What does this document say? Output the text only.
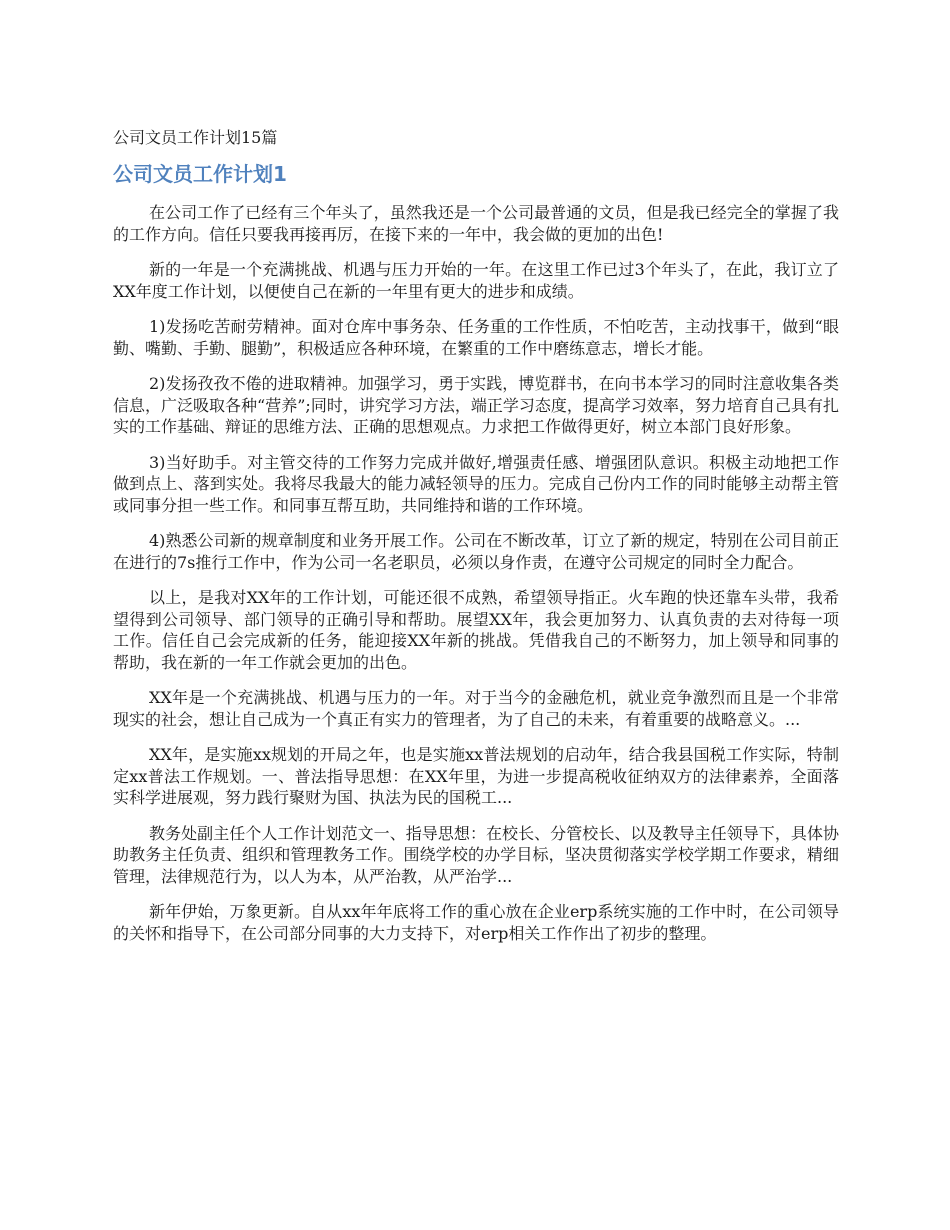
公司文员工作计划15篇
公司文员工作计划1

在公司工作了已经有三个年头了，虽然我还是一个公司最普通的文员，但是我已经完全的掌握了我的工作方向。信任只要我再接再厉，在接下来的一年中，我会做的更加的出色!

新的一年是一个充满挑战、机遇与压力开始的一年。在这里工作已过3个年头了，在此，我订立了XX年度工作计划，以便使自己在新的一年里有更大的进步和成绩。

1)发扬吃苦耐劳精神。面对仓库中事务杂、任务重的工作性质，不怕吃苦，主动找事干，做到“眼勤、嘴勤、手勤、腿勤”，积极适应各种环境，在繁重的工作中磨练意志，增长才能。

2)发扬孜孜不倦的进取精神。加强学习，勇于实践，博览群书，在向书本学习的同时注意收集各类信息，广泛吸取各种“营养”;同时，讲究学习方法，端正学习态度，提高学习效率，努力培育自己具有扎实的工作基础、辩证的思维方法、正确的思想观点。力求把工作做得更好，树立本部门良好形象。

3)当好助手。对主管交待的工作努力完成并做好,增强责任感、增强团队意识。积极主动地把工作做到点上、落到实处。我将尽我最大的能力减轻领导的压力。完成自己份内工作的同时能够主动帮主管或同事分担一些工作。和同事互帮互助，共同维持和谐的工作环境。

4)熟悉公司新的规章制度和业务开展工作。公司在不断改革，订立了新的规定，特别在公司目前正在进行的7s推行工作中，作为公司一名老职员，必须以身作责，在遵守公司规定的同时全力配合。

以上，是我对XX年的工作计划，可能还很不成熟，希望领导指正。火车跑的快还靠车头带，我希望得到公司领导、部门领导的正确引导和帮助。展望XX年，我会更加努力、认真负责的去对待每一项工作。信任自己会完成新的任务，能迎接XX年新的挑战。凭借我自己的不断努力，加上领导和同事的帮助，我在新的一年工作就会更加的出色。

XX年是一个充满挑战、机遇与压力的一年。对于当今的金融危机，就业竞争激烈而且是一个非常现实的社会，想让自己成为一个真正有实力的管理者，为了自己的未来，有着重要的战略意义。...

XX年，是实施xx规划的开局之年，也是实施xx普法规划的启动年，结合我县国税工作实际，特制定xx普法工作规划。一、普法指导思想：在XX年里，为进一步提高税收征纳双方的法律素养，全面落实科学进展观，努力践行聚财为国、执法为民的国税工...

教务处副主任个人工作计划范文一、指导思想：在校长、分管校长、以及教导主任领导下，具体协助教务主任负责、组织和管理教务工作。围绕学校的办学目标，坚决贯彻落实学校学期工作要求，精细管理，法律规范行为，以人为本，从严治教，从严治学...

新年伊始，万象更新。自从xx年年底将工作的重心放在企业erp系统实施的工作中时，在公司领导的关怀和指导下，在公司部分同事的大力支持下，对erp相关工作作出了初步的整理。
